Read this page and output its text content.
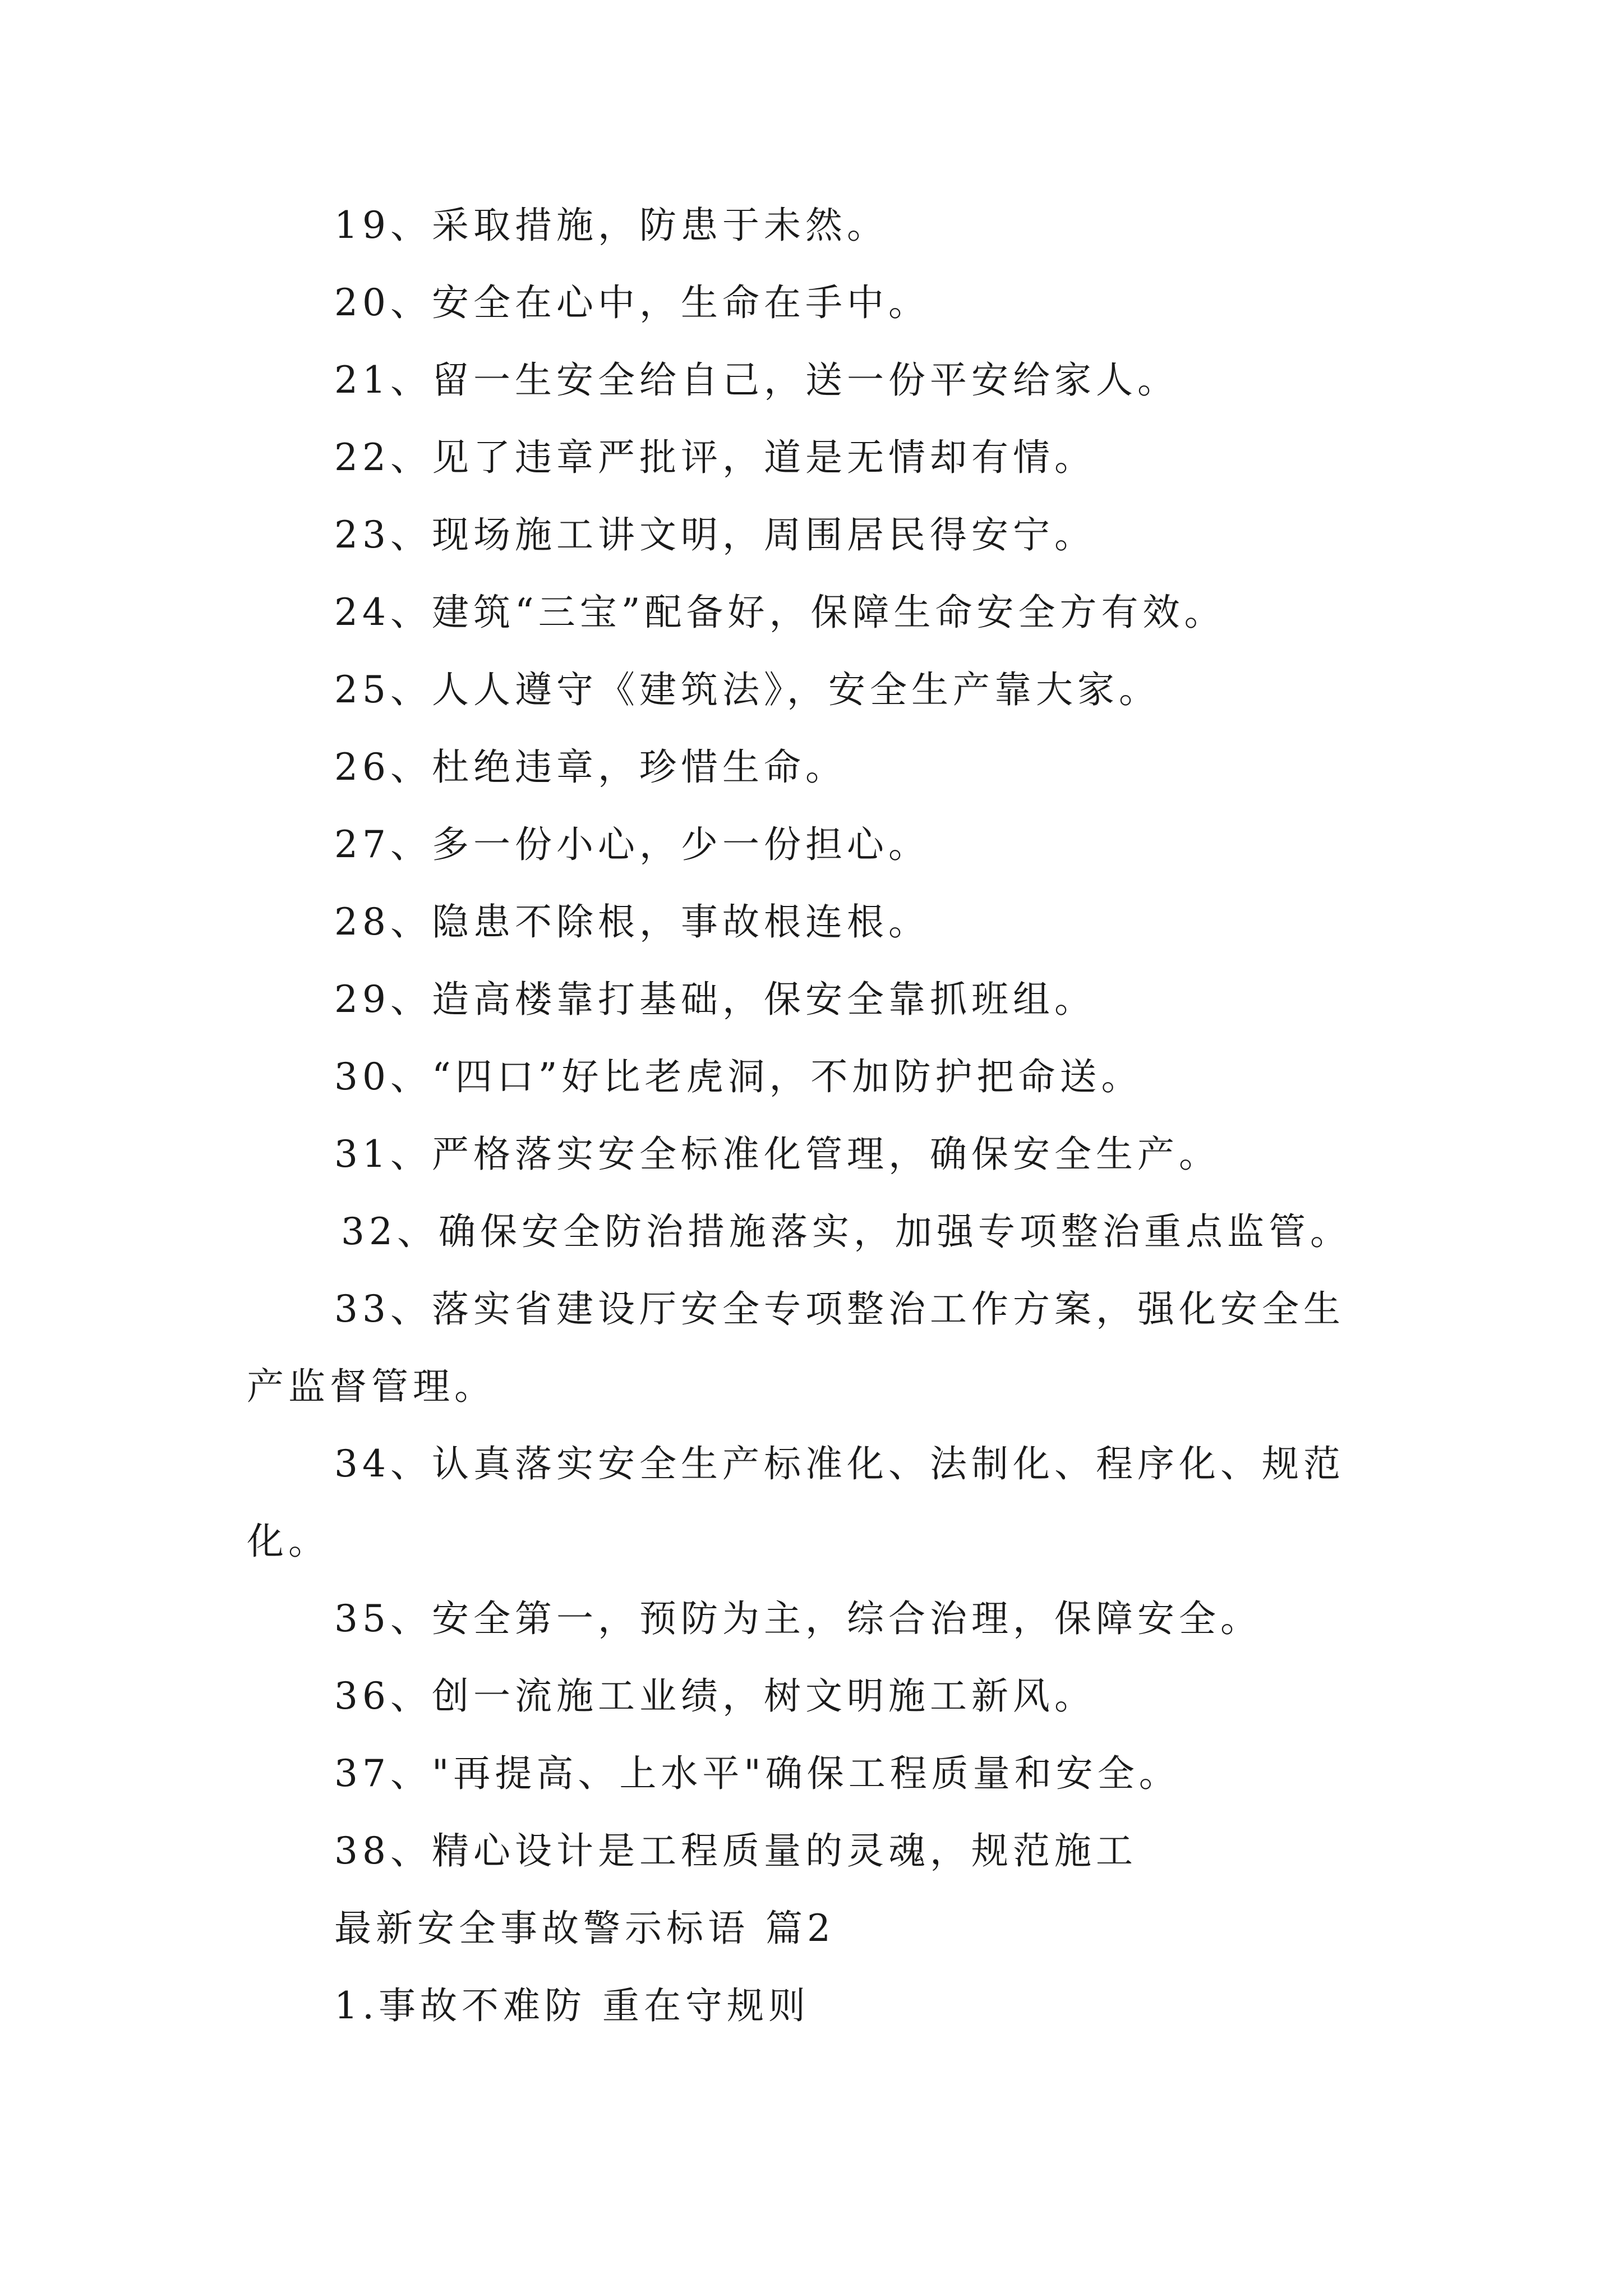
19、采取措施，防患于未然。
20、安全在心中，生命在手中。
21、留一生安全给自己，送一份平安给家人。
22、见了违章严批评，道是无情却有情。
23、现场施工讲文明，周围居民得安宁。
24、建筑“三宝”配备好，保障生命安全方有效。
25、人人遵守《建筑法》，安全生产靠大家。
26、杜绝违章，珍惜生命。
27、多一份小心，少一份担心。
28、隐患不除根，事故根连根。
29、造高楼靠打基础，保安全靠抓班组。
30、“四口”好比老虎洞，不加防护把命送。
31、严格落实安全标准化管理，确保安全生产。
32、确保安全防治措施落实，加强专项整治重点监管。
33、落实省建设厅安全专项整治工作方案，强化安全生
产监督管理。
34、认真落实安全生产标准化、法制化、程序化、规范
化。
35、安全第一，预防为主，综合治理，保障安全。
36、创一流施工业绩，树文明施工新风。
37、"再提高、上水平"确保工程质量和安全。
38、精心设计是工程质量的灵魂，规范施工
最新安全事故警示标语 篇2
1.事故不难防 重在守规则
